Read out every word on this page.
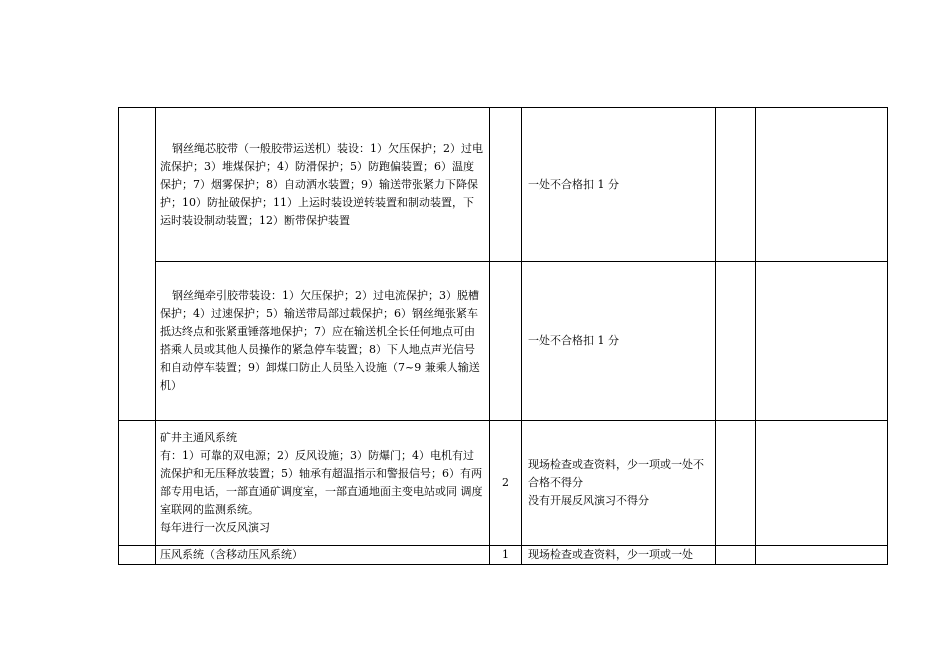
	钢丝绳芯胶带（一般胶带运送机）装设：1）欠压保护；2）过电流保护；3）堆煤保护；4）防滑保护；5）防跑偏装置；6）温度保护；7）烟雾保护；8）自动洒水装置；9）输送带张紧力下降保护；10）防扯破保护；11）上运时装设逆转装置和制动装置，下运时装设制动装置；12）断带保护装置		一处不合格扣 1 分		

	钢丝绳牵引胶带装设：1）欠压保护；2）过电流保护；3）脱槽保护；4）过速保护；5）输送带局部过载保护；6）钢丝绳张紧车抵达终点和张紧重锤落地保护；7）应在输送机全长任何地点可由搭乘人员或其他人员操作的紧急停车装置；8）下人地点声光信号和自动停车装置；9）卸煤口防止人员坠入设施（7~9 兼乘人输送机）		一处不合格扣 1 分		

	矿井主通风系统
有：1）可靠的双电源；2）反风设施；3）防爆门；4）电机有过流保护和无压释放装置；5）轴承有超温指示和警报信号；6）有两部专用电话，一部直通矿调度室，一部直通地面主变电站或同 调度室联网的监测系统。
每年进行一次反风演习	2	现场检查或查资料，少一项或一处不合格不得分
没有开展反风演习不得分		

	压风系统（含移动压风系统）	1	现场检查或查资料，少一项或一处		
